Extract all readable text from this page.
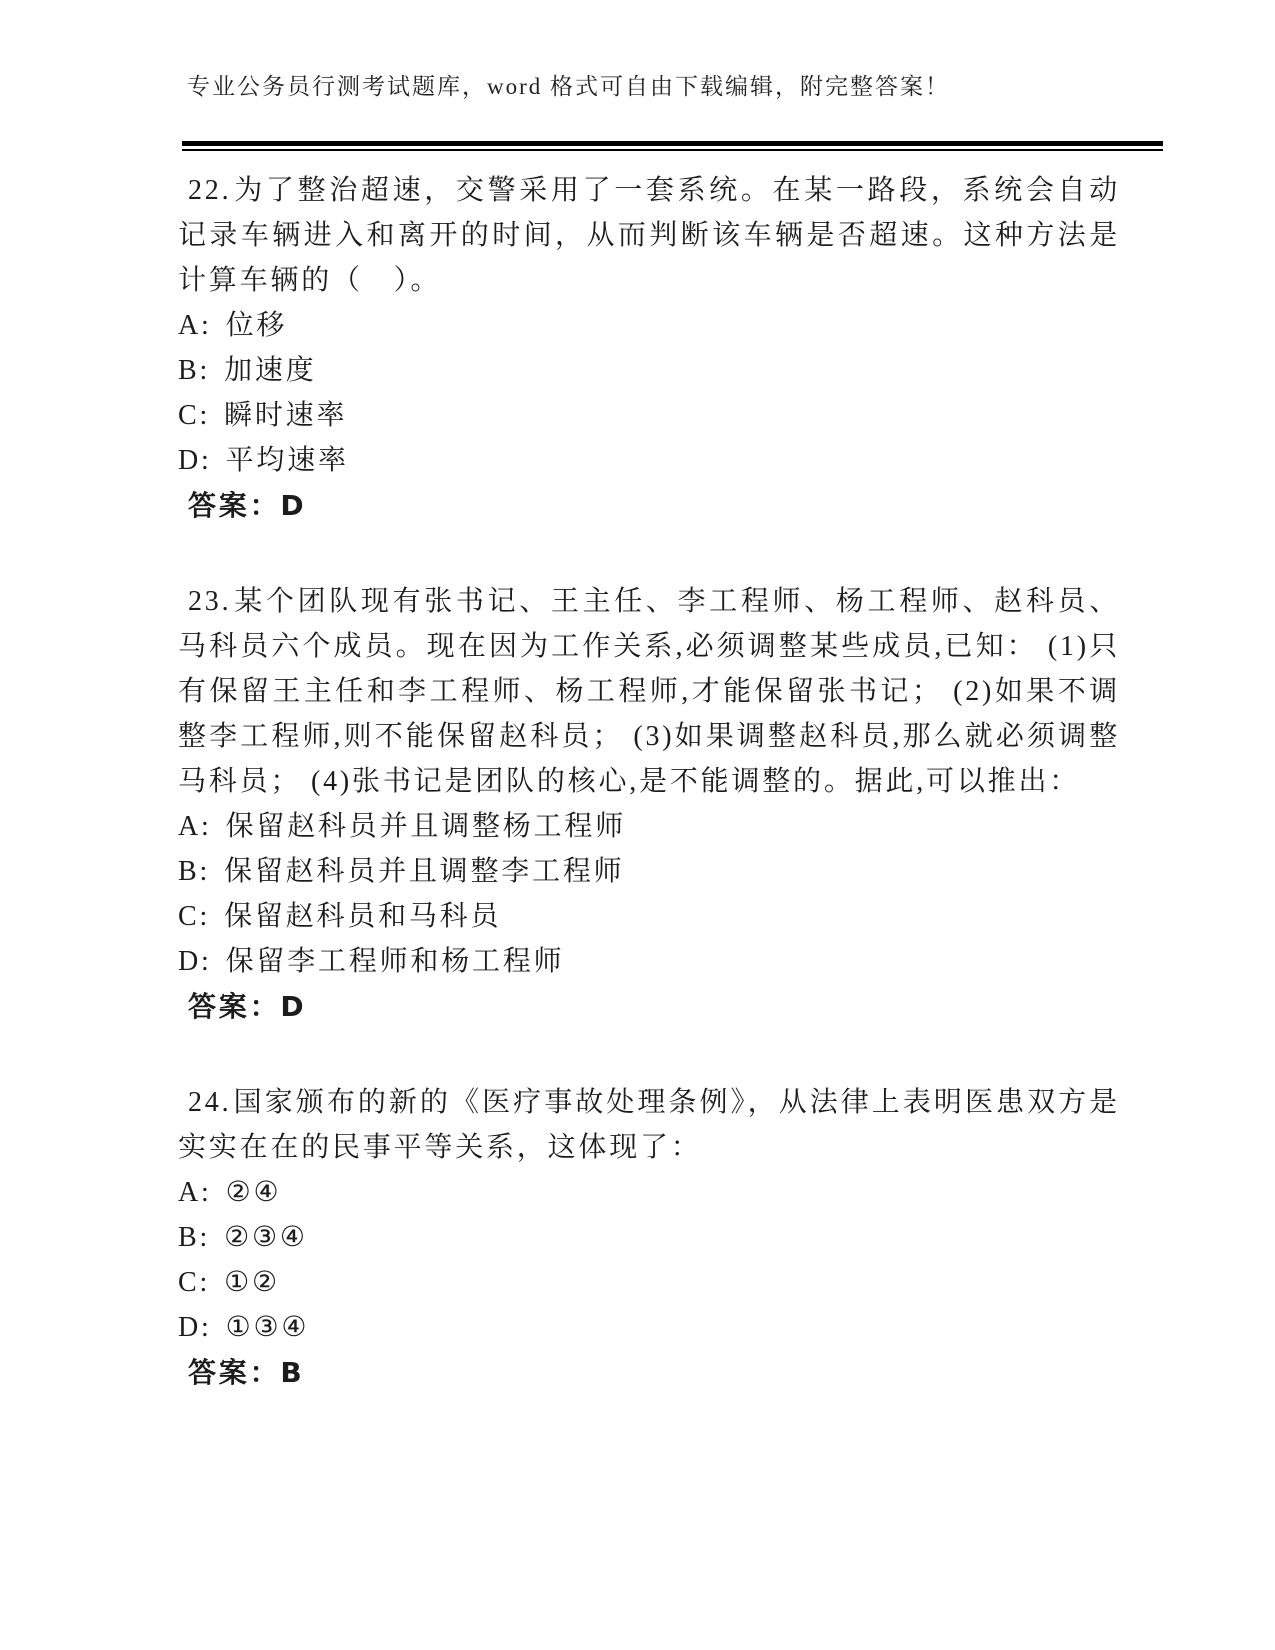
专业公务员行测考试题库，word 格式可自由下载编辑，附完整答案！

22.为了整治超速，交警采用了一套系统。在某一路段，系统会自动记录车辆进入和离开的时间，从而判断该车辆是否超速。这种方法是计算车辆的（　）。

A: 位移

B: 加速度

C: 瞬时速率

D: 平均速率

答案：D

23.某个团队现有张书记、王主任、李工程师、杨工程师、赵科员、马科员六个成员。现在因为工作关系,必须调整某些成员,已知： (1)只有保留王主任和李工程师、杨工程师,才能保留张书记； (2)如果不调整李工程师,则不能保留赵科员； (3)如果调整赵科员,那么就必须调整马科员； (4)张书记是团队的核心,是不能调整的。据此,可以推出：

A: 保留赵科员并且调整杨工程师

B: 保留赵科员并且调整李工程师

C: 保留赵科员和马科员

D: 保留李工程师和杨工程师

答案：D

24.国家颁布的新的《医疗事故处理条例》，从法律上表明医患双方是实实在在的民事平等关系，这体现了：

A: ②④

B: ②③④

C: ①②

D: ①③④

答案：B
